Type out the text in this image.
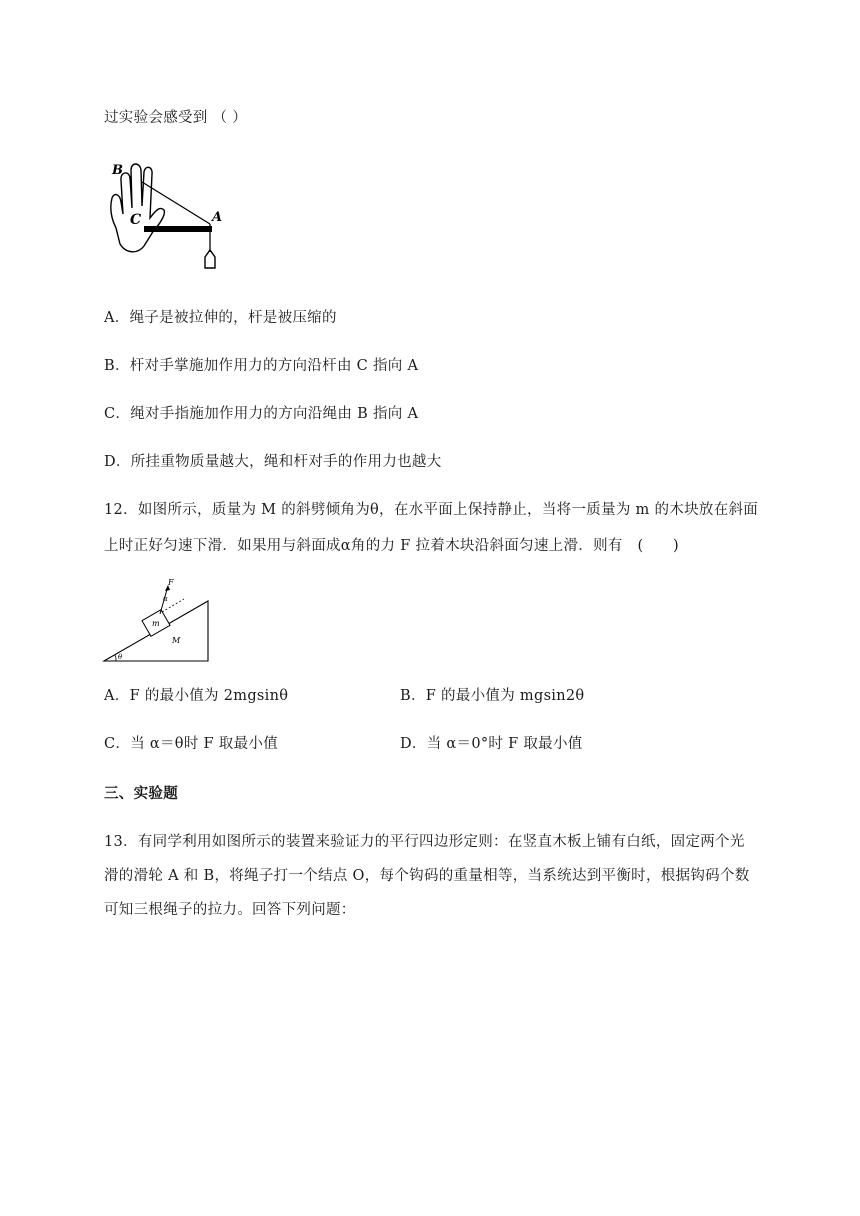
过实验会感受到 （ ）
B
C	A
A．绳子是被拉伸的，杆是被压缩的
B．杆对手掌施加作用力的方向沿杆由 C 指向 A
C．绳对手指施加作用力的方向沿绳由 B 指向 A
D．所挂重物质量越大，绳和杆对手的作用力也越大
12．如图所示，质量为 M 的斜劈倾角为θ，在水平面上保持静止，当将一质量为 m 的木块放在斜面
上时正好匀速下滑．如果用与斜面成α角的力 F 拉着木块沿斜面匀速上滑．则有　(　　)
F
α
m
M
θ
A．F 的最小值为 2mgsinθ	B．F 的最小值为 mgsin2θ
C．当 α＝θ时 F 取最小值	D．当 α＝0°时 F 取最小值
三、实验题
13．有同学利用如图所示的装置来验证力的平行四边形定则：在竖直木板上铺有白纸，固定两个光
滑的滑轮 A 和 B，将绳子打一个结点 O，每个钩码的重量相等，当系统达到平衡时，根据钩码个数
可知三根绳子的拉力。回答下列问题：
